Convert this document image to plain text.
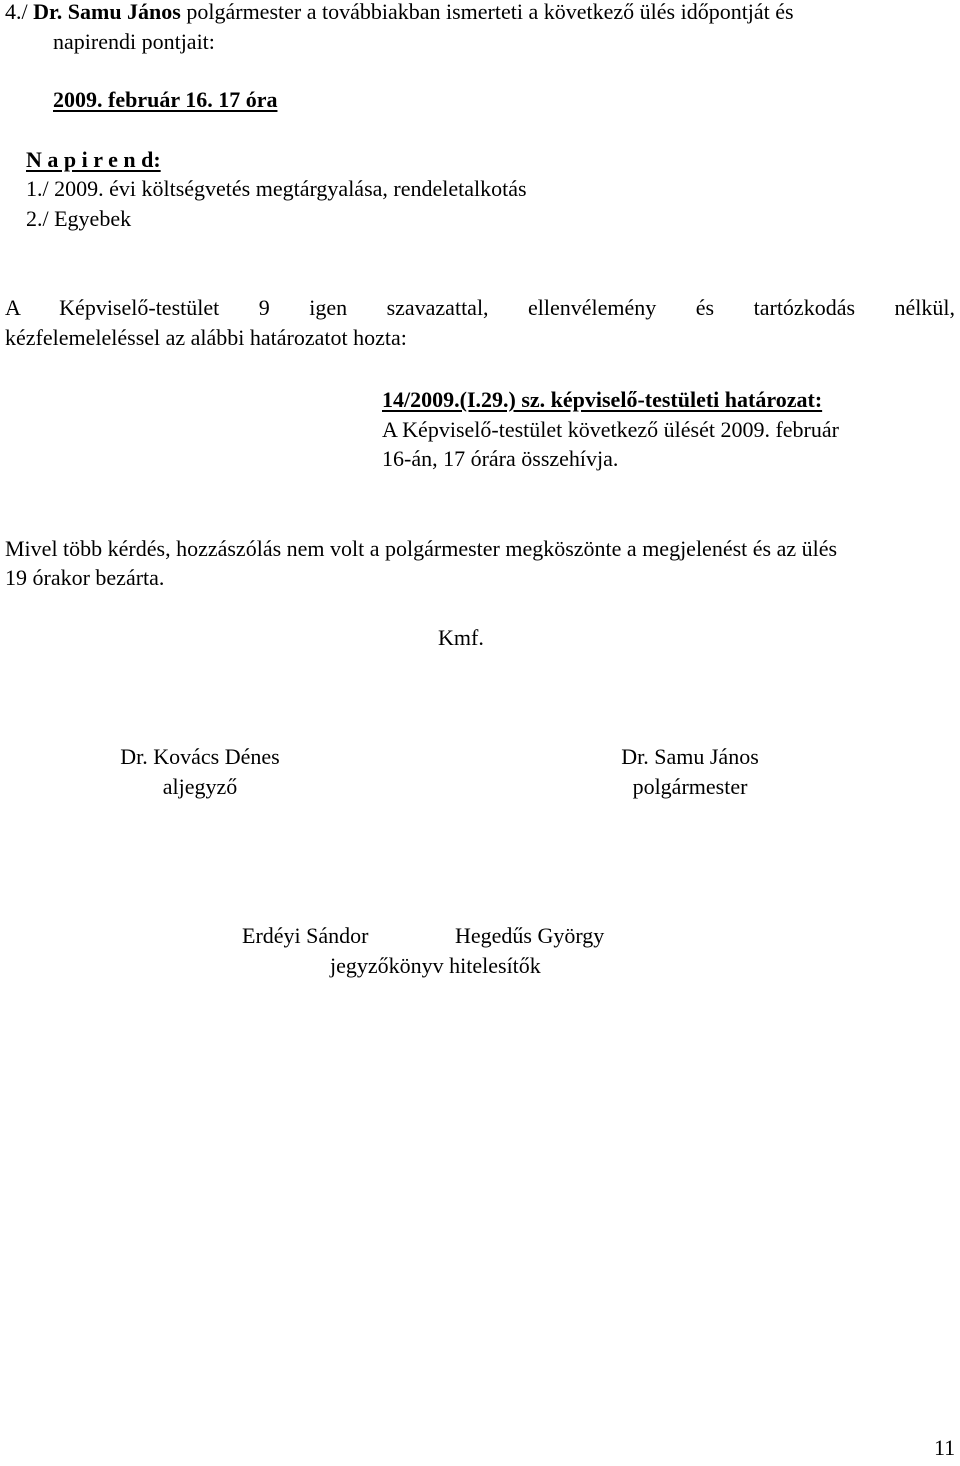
4./ Dr. Samu János polgármester a továbbiakban ismerteti a következő ülés időpontját és
napirendi pontjait:
2009. február 16. 17 óra
N a p i r e n d:
1./ 2009. évi költségvetés megtárgyalása, rendeletalkotás
2./ Egyebek
A Képviselő-testület 9 igen szavazattal, ellenvélemény és tartózkodás nélkül,
kézfelemeleléssel az alábbi határozatot hozta:
14/2009.(I.29.) sz. képviselő-testületi határozat:
A Képviselő-testület következő ülését 2009. február
16-án, 17 órára összehívja.
Mivel több kérdés, hozzászólás nem volt a polgármester megköszönte a megjelenést és az ülés
19 órakor bezárta.
Kmf.
Dr. Kovács Dénes
aljegyző
Dr. Samu János
polgármester
Erdéyi Sándor	Hegedűs György
jegyzőkönyv hitelesítők
11
